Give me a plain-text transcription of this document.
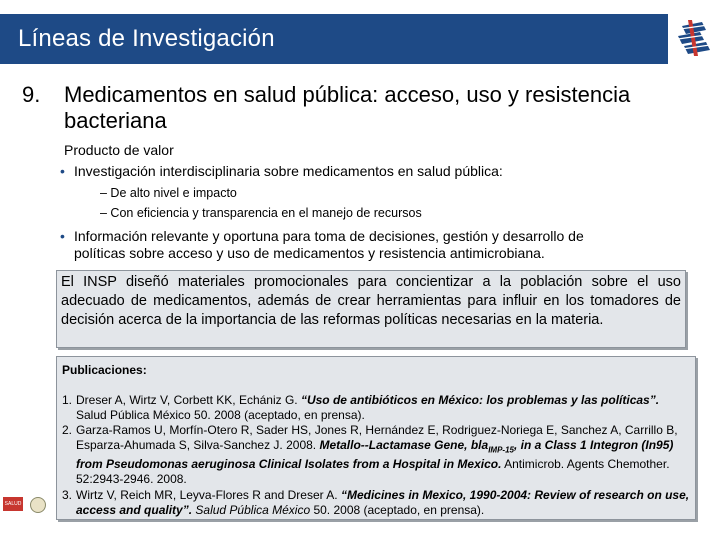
Líneas de Investigación
9. Medicamentos en salud pública: acceso, uso y resistencia
bacteriana
Producto de valor
• Investigación interdisciplinaria sobre medicamentos en salud pública:
– De alto nivel e impacto
– Con eficiencia y transparencia en el manejo de recursos
• Información relevante y oportuna para toma de decisiones, gestión y desarrollo de
políticas sobre acceso y uso de medicamentos y resistencia antimicrobiana.
El INSP diseñó materiales promocionales para concientizar a la población sobre el uso adecuado de medicamentos, además de crear herramientas para influir en los tomadores de decisión acerca de la importancia de las reformas políticas necesarias en la materia.
Publicaciones:
1. Dreser A, Wirtz V, Corbett KK, Echániz G. “Uso de antibióticos en México: los problemas y las políticas”. Salud Pública México 50. 2008 (aceptado, en prensa).
2. Garza-Ramos U, Morfín-Otero R, Sader HS, Jones R, Hernández E, Rodriguez-Noriega E, Sanchez A, Carrillo B, Esparza-Ahumada S, Silva-Sanchez J. 2008. Metallo--Lactamase Gene, bla$_{IMP-15}$, in a Class 1 Integron (In95) from Pseudomonas aeruginosa Clinical Isolates from a Hospital in Mexico. Antimicrob. Agents Chemother. 52:2943-2946. 2008.
3. Wirtz V, Reich MR, Leyva-Flores R and Dreser A. “Medicines in Mexico, 1990-2004: Review of research on use, access and quality”. Salud Pública México 50. 2008 (aceptado, en prensa).
SALUD
